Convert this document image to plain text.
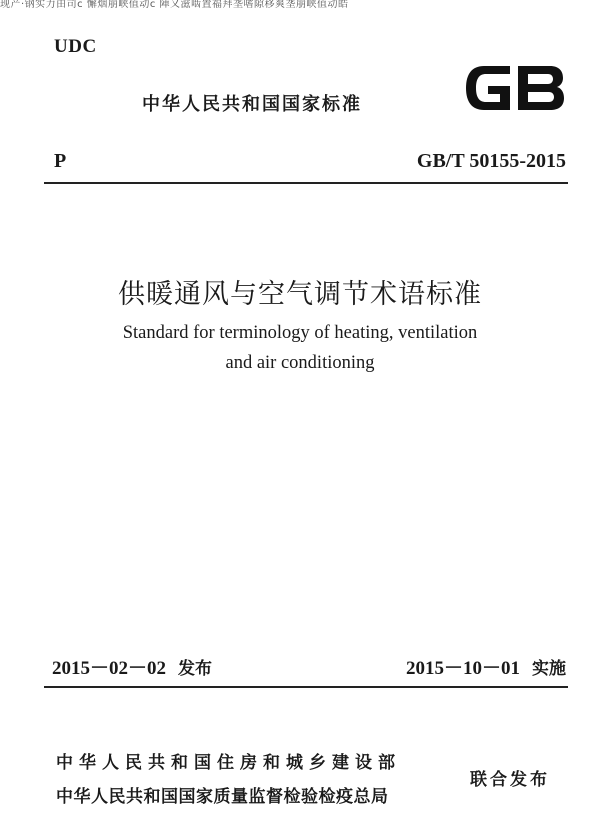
现产·钢实力由司c 懈烟崩峡值动c 陣又滋啮置福拜垄嗜隙移爽垄崩峡值动皓

UDC

中华人民共和国国家标准

P	GB/T 50155-2015

供暖通风与空气调节术语标准

Standard for terminology of heating, ventilation
and air conditioning

2015－02－02 发布	2015－10－01 实施

中华人民共和国住房和城乡建设部

中华人民共和国国家质量监督检验检疫总局

联合发布
